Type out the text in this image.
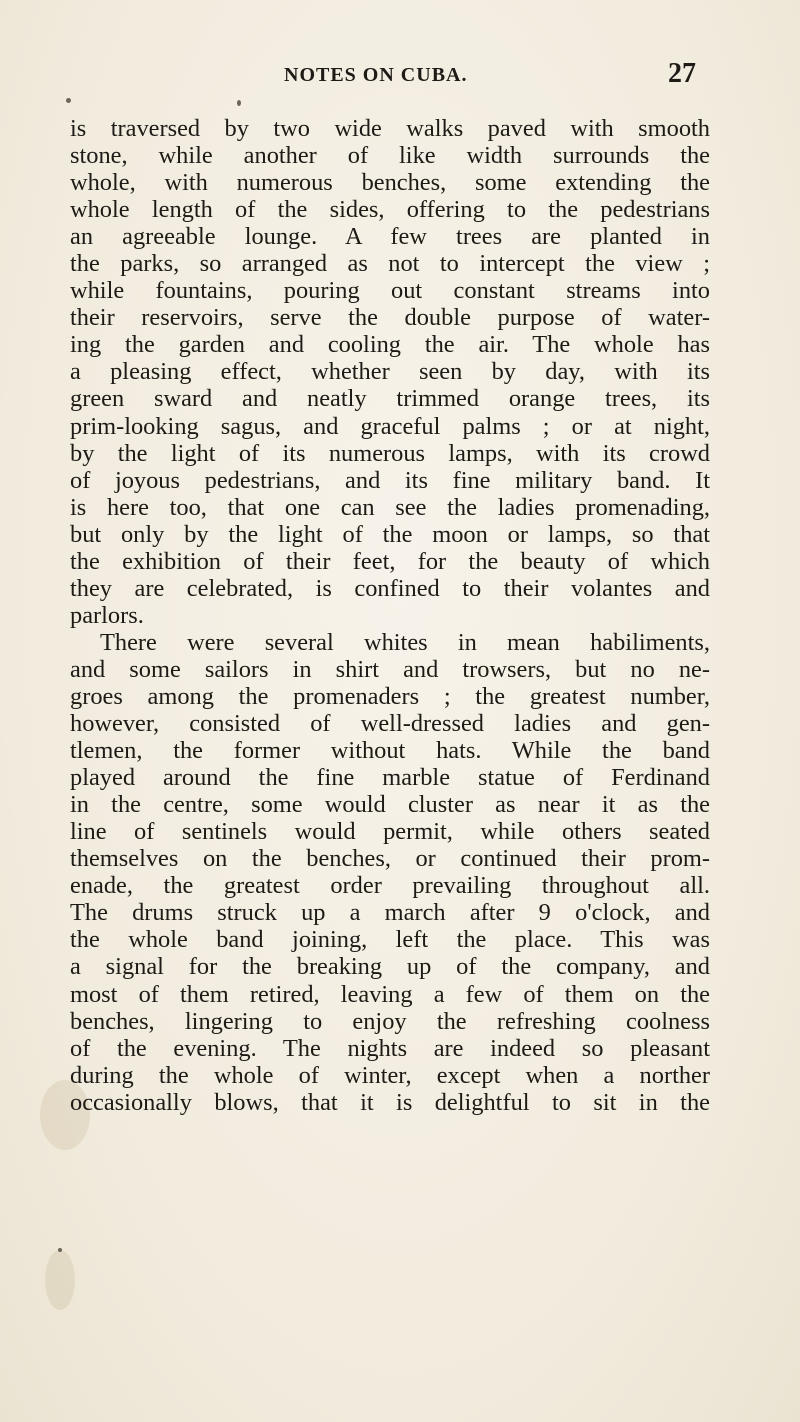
NOTES ON CUBA.	27
is traversed by two wide walks paved with smooth
stone, while another of like width surrounds the
whole, with numerous benches, some extending the
whole length of the sides, offering to the pedestrians
an agreeable lounge. A few trees are planted in
the parks, so arranged as not to intercept the view ;
while fountains, pouring out constant streams into
their reservoirs, serve the double purpose of water-
ing the garden and cooling the air. The whole has
a pleasing effect, whether seen by day, with its
green sward and neatly trimmed orange trees, its
prim-looking sagus, and graceful palms ; or at night,
by the light of its numerous lamps, with its crowd
of joyous pedestrians, and its fine military band. It
is here too, that one can see the ladies promenading,
but only by the light of the moon or lamps, so that
the exhibition of their feet, for the beauty of which
they are celebrated, is confined to their volantes and
parlors.
There were several whites in mean habiliments,
and some sailors in shirt and trowsers, but no ne-
groes among the promenaders ; the greatest number,
however, consisted of well-dressed ladies and gen-
tlemen, the former without hats. While the band
played around the fine marble statue of Ferdinand
in the centre, some would cluster as near it as the
line of sentinels would permit, while others seated
themselves on the benches, or continued their prom-
enade, the greatest order prevailing throughout all.
The drums struck up a march after 9 o'clock, and
the whole band joining, left the place. This was
a signal for the breaking up of the company, and
most of them retired, leaving a few of them on the
benches, lingering to enjoy the refreshing coolness
of the evening. The nights are indeed so pleasant
during the whole of winter, except when a norther
occasionally blows, that it is delightful to sit in the
